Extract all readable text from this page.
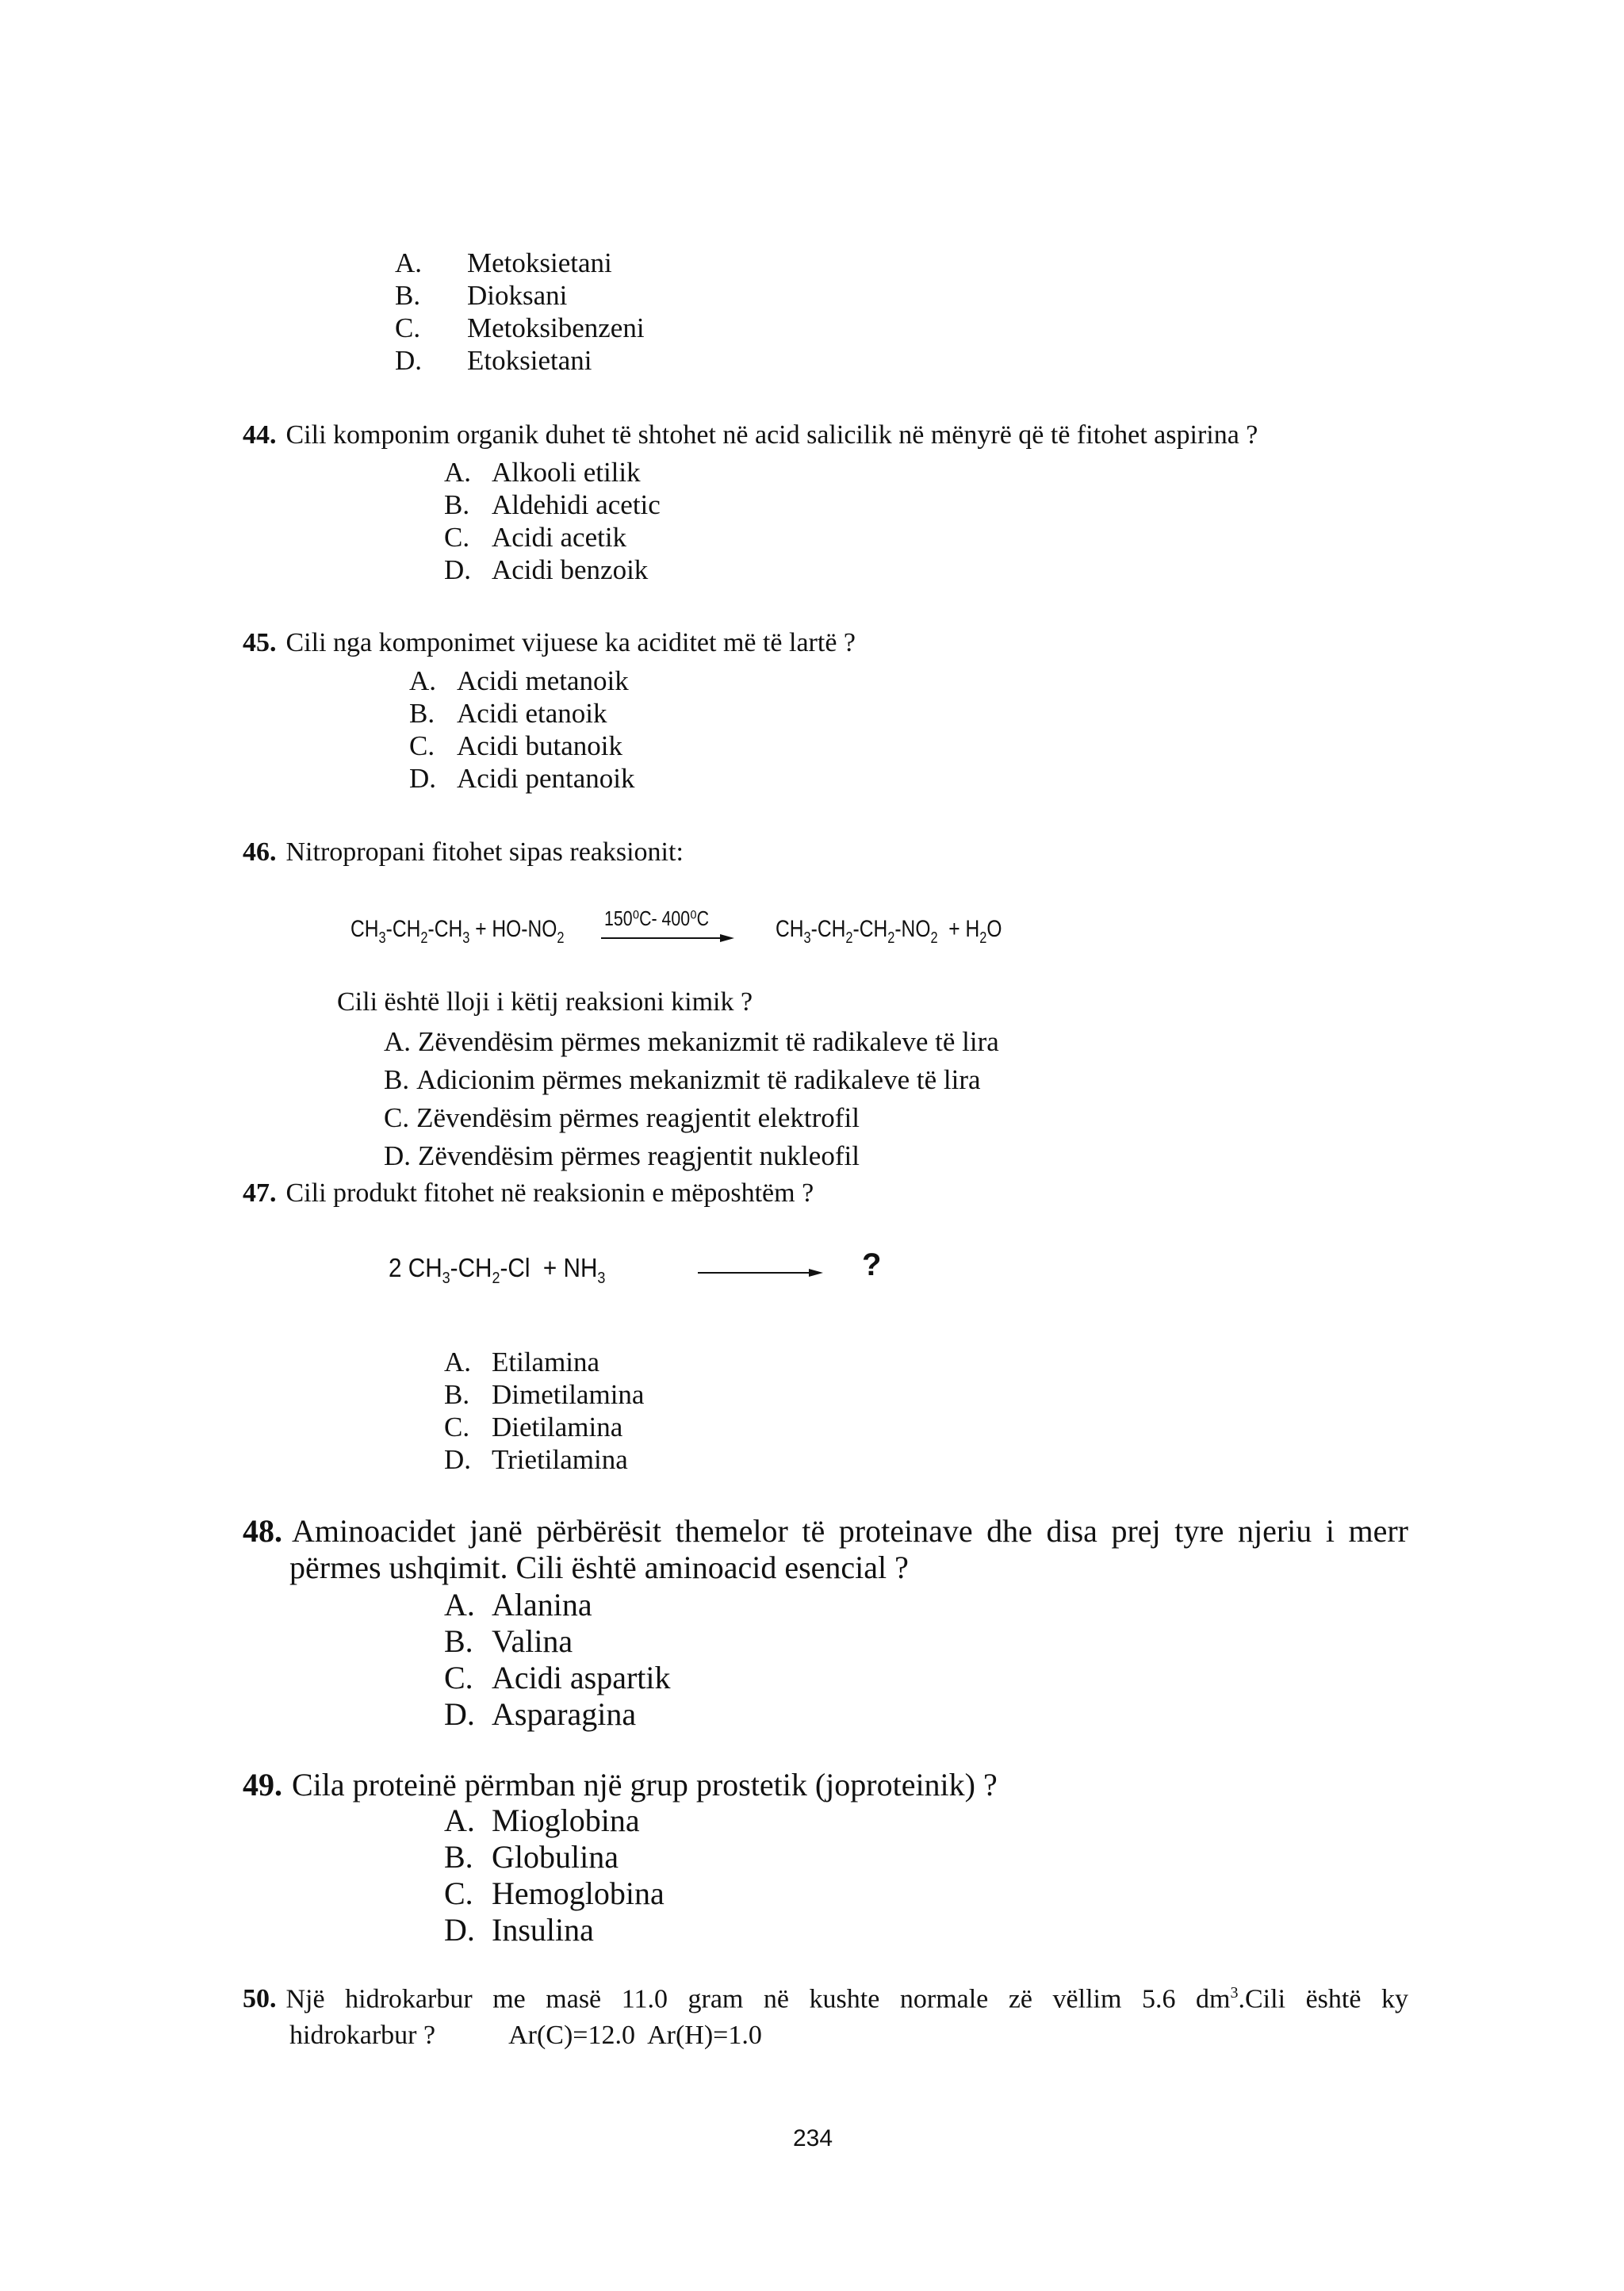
A.	Metoksietani
B.	Dioksani
C.	Metoksibenzeni
D.	Etoksietani
44. Cili komponim organik duhet të shtohet në acid salicilik në mënyrë që të fitohet aspirina ?
A. Alkooli etilik
B. Aldehidi acetic
C. Acidi acetik
D. Acidi benzoik
45. Cili nga komponimet vijuese ka aciditet më të lartë ?
A. Acidi metanoik
B. Acidi etanoik
C. Acidi butanoik
D. Acidi pentanoik
46. Nitropropani fitohet sipas reaksionit:
$CH_3-CH_2-CH_3 + HO-NO_2$
150⁰C- 400⁰C	$CH_3-CH_2-CH_2-NO_2 + H_2O$
Cili është lloji i këtij reaksioni kimik ?
A. Zëvendësim përmes mekanizmit të radikaleve të lira
B. Adicionim përmes mekanizmit të radikaleve të lira
C. Zëvendësim përmes reagjentit elektrofil
D. Zëvendësim përmes reagjentit nukleofil
47. Cili produkt fitohet në reaksionin e mëposhtëm ?
2 $CH_3-CH_2-Cl + NH_3$	?
A. Etilamina
B. Dimetilamina
C. Dietilamina
D. Trietilamina
48. Aminoacidet janë përbërësit themelor të proteinave dhe disa prej tyre njeriu i merr
përmes ushqimit. Cili është aminoacid esencial ?
A. Alanina
B. Valina
C. Acidi aspartik
D. Asparagina
49. Cila proteinë përmban një grup prostetik (joproteinik) ?
A. Mioglobina
B. Globulina
C. Hemoglobina
D. Insulina
50. Një hidrokarbur me masë 11.0 gram në kushte normale zë vëllim 5.6 $dm^3.Cili$ është ky
hidrokarbur ?	Ar(C)=12.0  Ar(H)=1.0
234
